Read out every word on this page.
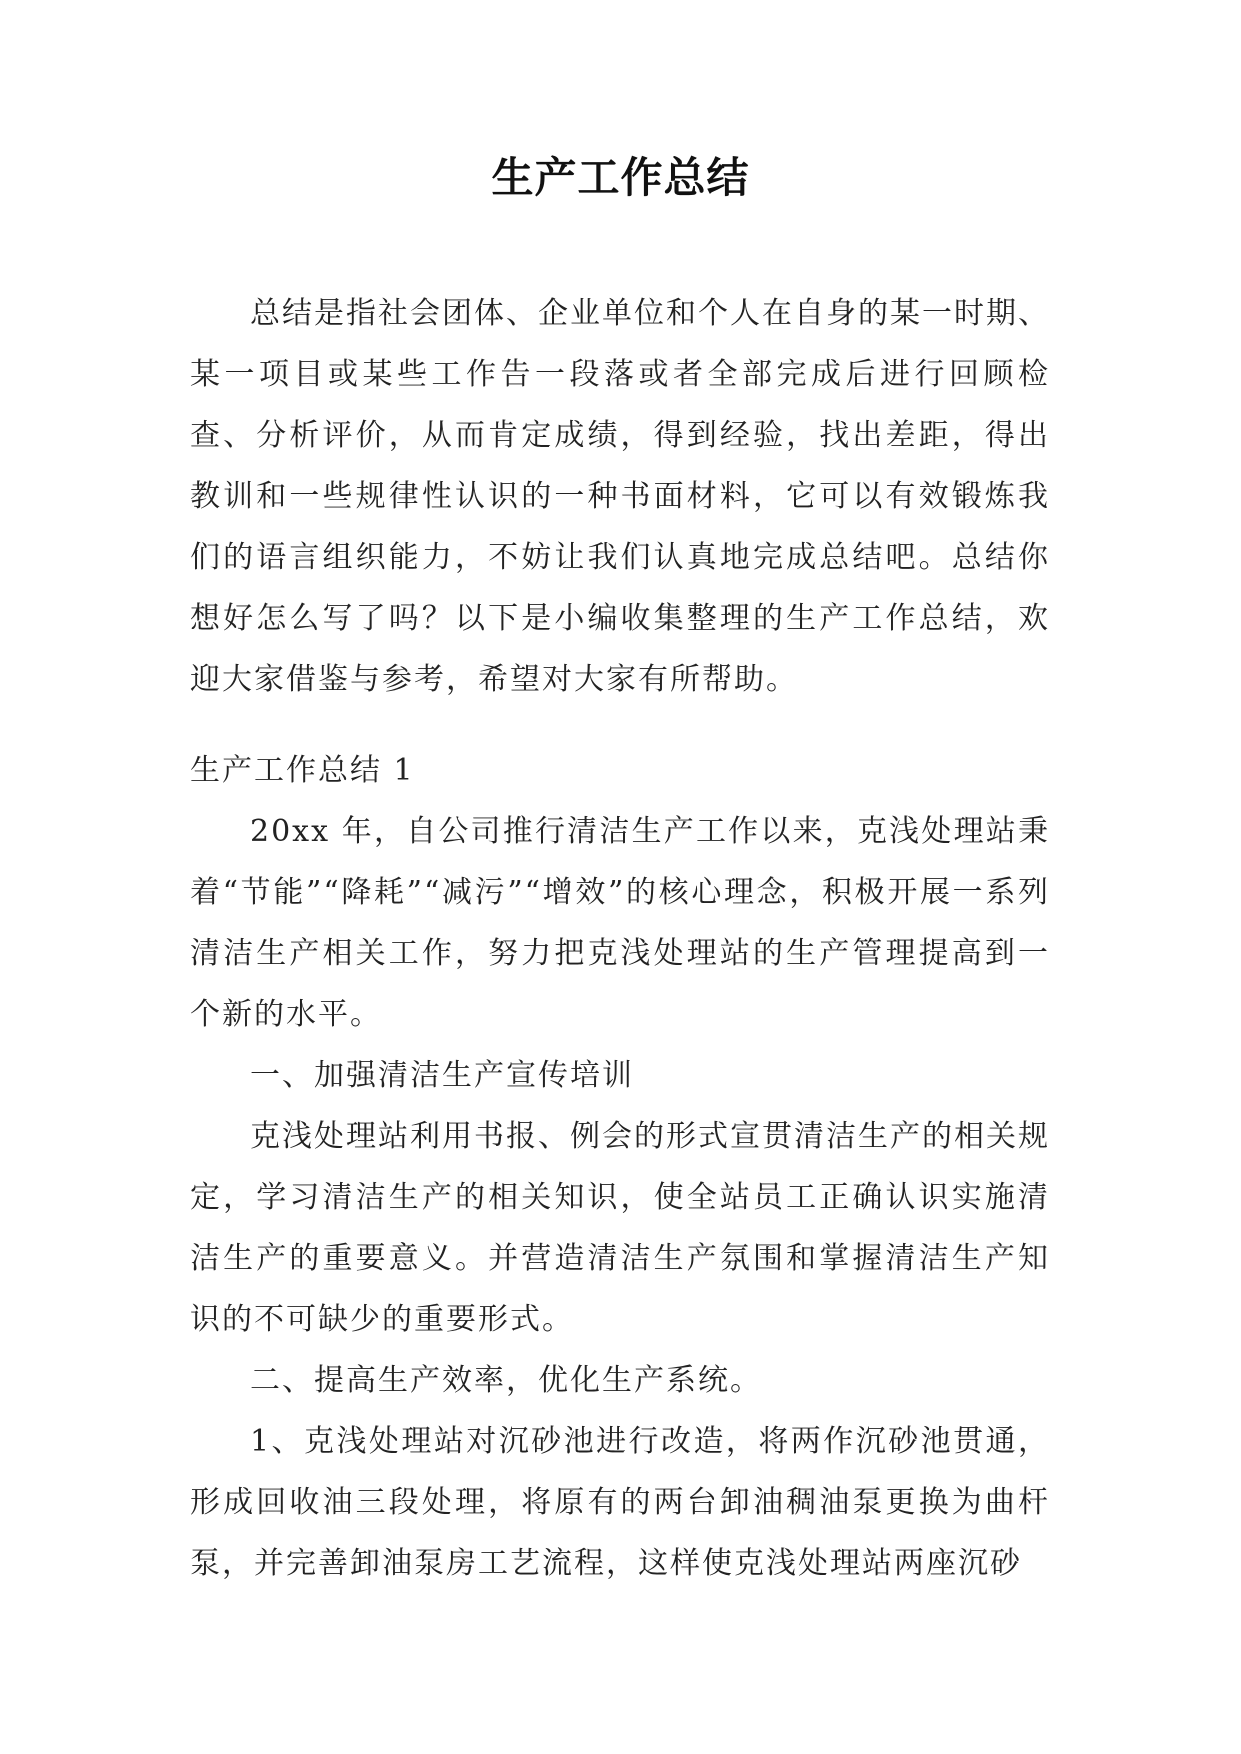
生产工作总结

总结是指社会团体、企业单位和个人在自身的某一时期、某一项目或某些工作告一段落或者全部完成后进行回顾检查、分析评价，从而肯定成绩，得到经验，找出差距，得出教训和一些规律性认识的一种书面材料，它可以有效锻炼我们的语言组织能力，不妨让我们认真地完成总结吧。总结你想好怎么写了吗？以下是小编收集整理的生产工作总结，欢迎大家借鉴与参考，希望对大家有所帮助。

生产工作总结 1

20xx 年，自公司推行清洁生产工作以来，克浅处理站秉着“节能”“降耗”“减污”“增效”的核心理念，积极开展一系列清洁生产相关工作，努力把克浅处理站的生产管理提高到一个新的水平。

一、加强清洁生产宣传培训

克浅处理站利用书报、例会的形式宣贯清洁生产的相关规定，学习清洁生产的相关知识，使全站员工正确认识实施清洁生产的重要意义。并营造清洁生产氛围和掌握清洁生产知识的不可缺少的重要形式。

二、提高生产效率，优化生产系统。

1、克浅处理站对沉砂池进行改造，将两作沉砂池贯通，形成回收油三段处理，将原有的两台卸油稠油泵更换为曲杆泵，并完善卸油泵房工艺流程，这样使克浅处理站两座沉砂
